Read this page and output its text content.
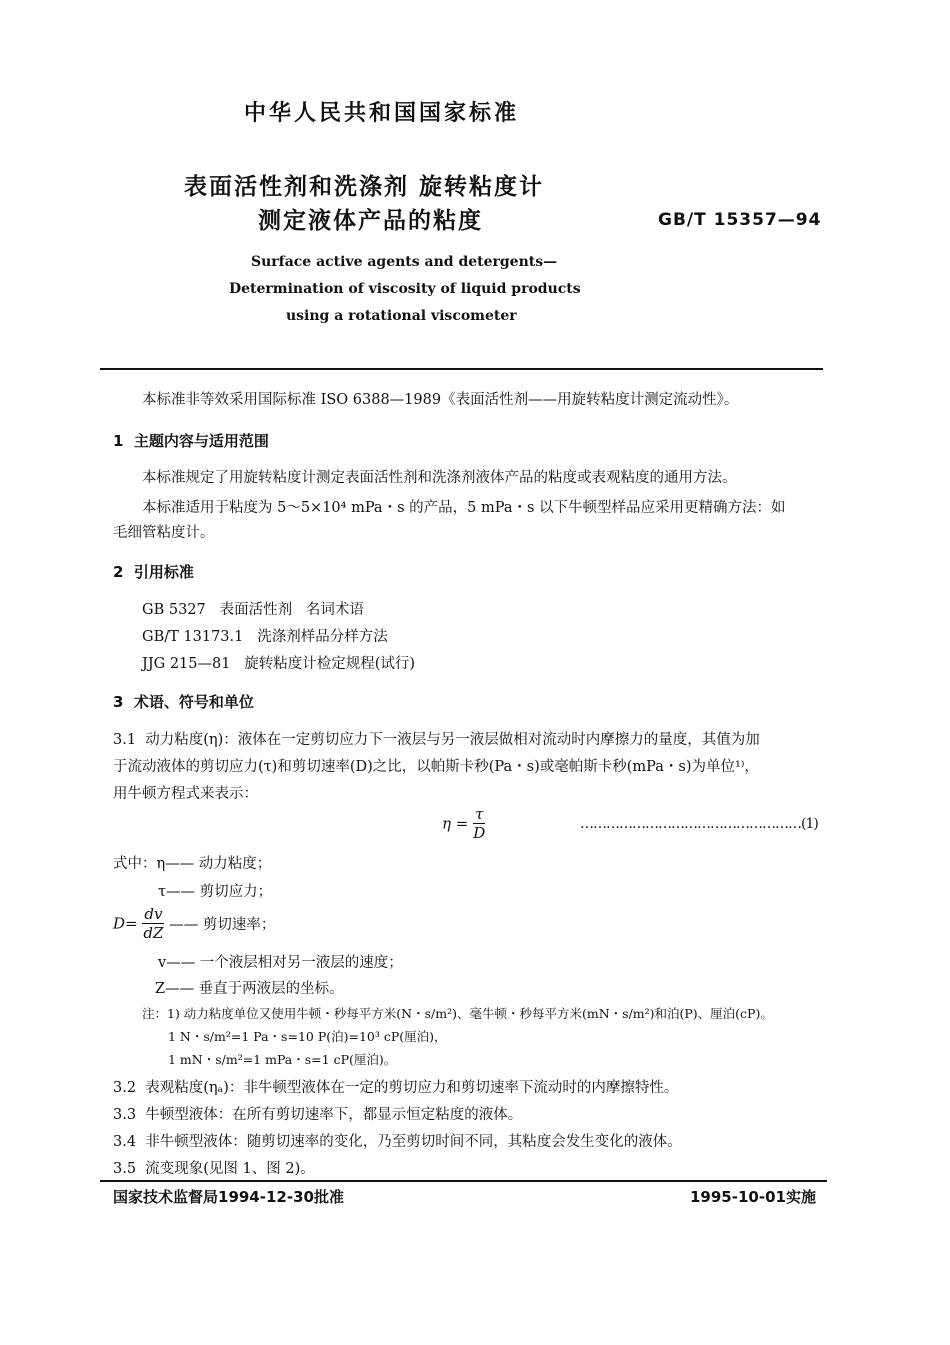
中华人民共和国国家标准
表面活性剂和洗涤剂 旋转粘度计
测定液体产品的粘度	GB/T 15357—94
Surface active agents and detergents—
Determination of viscosity of liquid products
using a rotational viscometer
本标准非等效采用国际标准 ISO 6388—1989《表面活性剂——用旋转粘度计测定流动性》。
1  主题内容与适用范围
本标准规定了用旋转粘度计测定表面活性剂和洗涤剂液体产品的粘度或表观粘度的通用方法。
本标准适用于粘度为 5～5×10⁴ mPa・s 的产品，5 mPa・s 以下牛顿型样品应采用更精确方法：如
毛细管粘度计。
2  引用标准
GB 5327   表面活性剂   名词术语
GB/T 13173.1   洗涤剂样品分样方法
JJG 215—81   旋转粘度计检定规程(试行)
3  术语、符号和单位
3.1  动力粘度(η)：液体在一定剪切应力下一液层与另一液层做相对流动时内摩擦力的量度，其值为加
于流动液体的剪切应力(τ)和剪切速率(D)之比，以帕斯卡秒(Pa・s)或毫帕斯卡秒(mPa・s)为单位¹⁾，
用牛顿方程式来表示：
$\eta = \frac{\tau}{D}$	……………………………………………(1)
式中：η—— 动力粘度；
τ—— 剪切应力；
$D= \frac{dv}{dZ}$ —— 剪切速率；
v—— 一个液层相对另一液层的速度；
Z—— 垂直于两液层的坐标。
注：1) 动力粘度单位又使用牛顿・秒每平方米(N・s/m²)、毫牛顿・秒每平方米(mN・s/m²)和泊(P)、厘泊(cP)。
1 N・s/m²=1 Pa・s=10 P(泊)=10³ cP(厘泊)，
1 mN・s/m²=1 mPa・s=1 cP(厘泊)。
3.2  表观粘度(ηₐ)：非牛顿型液体在一定的剪切应力和剪切速率下流动时的内摩擦特性。
3.3  牛顿型液体：在所有剪切速率下，都显示恒定粘度的液体。
3.4  非牛顿型液体：随剪切速率的变化，乃至剪切时间不同，其粘度会发生变化的液体。
3.5  流变现象(见图 1、图 2)。
国家技术监督局1994-12-30批准	1995-10-01实施
